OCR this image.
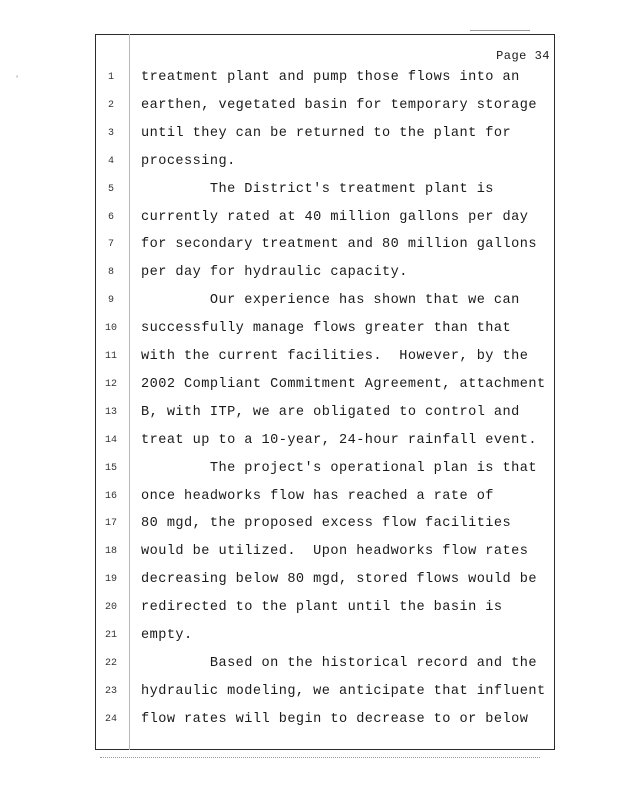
ʼ
Page 34
1	treatment plant and pump those flows into an
2	earthen, vegetated basin for temporary storage
3	until they can be returned to the plant for
4	processing.
5	The District's treatment plant is
6	currently rated at 40 million gallons per day
7	for secondary treatment and 80 million gallons
8	per day for hydraulic capacity.
9	Our experience has shown that we can
10	successfully manage flows greater than that
11	with the current facilities.  However, by the
12	2002 Compliant Commitment Agreement, attachment
13	B, with ITP, we are obligated to control and
14	treat up to a 10-year, 24-hour rainfall event.
15	The project's operational plan is that
16	once headworks flow has reached a rate of
17	80 mgd, the proposed excess flow facilities
18	would be utilized.  Upon headworks flow rates
19	decreasing below 80 mgd, stored flows would be
20	redirected to the plant until the basin is
21	empty.
22	Based on the historical record and the
23	hydraulic modeling, we anticipate that influent
24	flow rates will begin to decrease to or below
